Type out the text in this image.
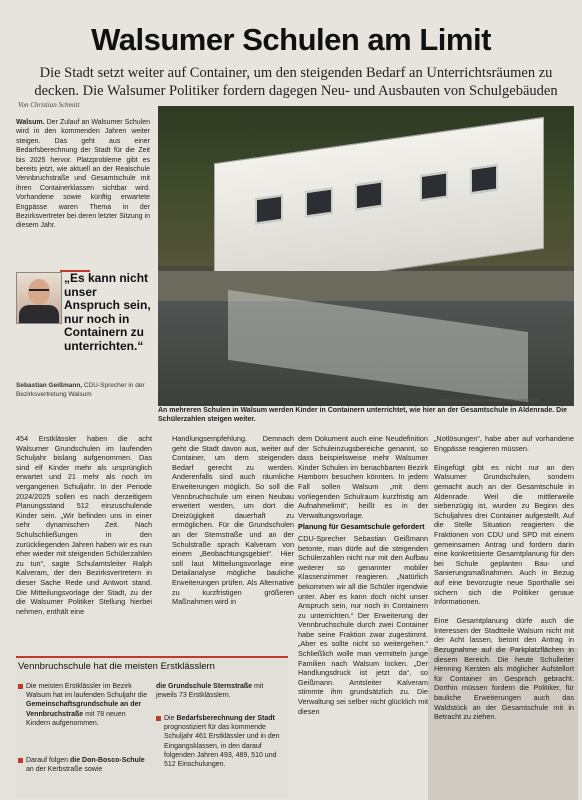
Walsumer Schulen am Limit
Die Stadt setzt weiter auf Container, um den steigenden Bedarf an Unterrichtsräumen zu decken. Die Walsumer Politiker fordern dagegen Neu- und Ausbauten von Schulgebäuden
Von Christian Schmitt
Walsum. Der Zulauf an Walsumer Schulen wird in den kommenden Jahren weiter steigen. Das geht aus einer Bedarfsberechnung der Stadt für die Zeit bis 2025 hervor. Platzprobleme gibt es bereits jetzt, wie aktuell an der Realschule Vennbruchstraße und Gesamtschule mit ihren Containerklassen sichtbar wird. Vorhandene sowie künftig erwartete Engpässe waren Thema in der Bezirksvertreter bei deren letzter Sitzung in diesem Jahr.
„Es kann nicht unser Anspruch sein, nur noch in Containern zu unterrichten.“
Sebastian Geißmann, CDU-Sprecher in der Bezirksvertretung Walsum
FOTO: DANIEL ELKE / FUNKE FOTO SERVICES
An mehreren Schulen in Walsum werden Kinder in Containern unterrichtet, wie hier an der Gesamtschule in Aldenrade. Die Schülerzahlen steigen weiter.
454 Erstklässler haben die acht Walsumer Grundschulen im laufenden Schuljahr bislang aufgenommen. Das sind elf Kinder mehr als ursprünglich erwartet und 21 mehr als noch im vergangenen Schuljahr. In der Periode 2024/2025 sollen es nach derzeitigem Planungsstand 512 einzuschulende Kinder sein. „Wir befinden uns in einer sehr dynamischen Zeit. Nach Schulschließungen in den zurückliegenden Jahren haben wir es nun eher wieder mit steigenden Schülerzahlen zu tun“, sagte Schulamtsleiter Ralph Kalveram, der den Bezirksvertretern in dieser Sache Rede und Antwort stand. Die Mitteilungsvorlage der Stadt, zu der die Walsumer Politiker Stellung hierbei nehmen, enthält eine
Handlungsempfehlung. Demnach geht die Stadt davon aus, weiter auf Container, um dem steigenden Bedarf gerecht zu werden. Anderenfalls sind auch räumliche Erweiterungen möglich. So soll die Vennbruchschule um einen Neubau erweitert werden, um dort die Dreizügigkeit dauerhaft zu ermöglichen. Für die Grundschulen an der Sternstraße und an der Schulstraße sprach Kalveram von einem „Beobachtungsgebiet“. Hier soll laut Mitteilungsvorlage eine Detailanalyse mögliche bauliche Erweiterungen prüfen. Als Alternative zu kurzfristigen größeren Maßnahmen wird in
dem Dokument auch eine Neudefinition der Schuleinzugsbereiche genannt, so dass beispielsweise mehr Walsumer Kinder Schulen im benachbarten Bezirk Hamborn besuchen könnten. In jedem Fall sollen Walsum „mit dem vorliegenden Schulraum kurzfristig am Aufnahmelimit“, heißt es in der Verwaltungsvorlage.
Planung für Gesamtschule gefordert
CDU-Sprecher Sebastian Geißmann betonte, man dürfe auf die steigenden Schülerzahlen nicht nur mit den Aufbau weiterer so genannter mobiler Klassenzimmer reagieren. „Natürlich bekommen wir all die Schüler irgendwie unter. Aber es kann doch nicht unser Anspruch sein, nur noch in Containern zu unterrichten.“ Der Erweiterung der Vennbruchschule durch zwei Container habe seine Fraktion zwar zugestimmt. „Aber es sollte nicht so weitergehen.“ Schließlich wolle man vermitteln junge Familien nach Walsum locken. „Der Handlungsdruck ist jetzt da“, so Geißmann. Amtsleiter Kalveram stimmte ihm grundsätzlich zu. Die Verwaltung sei selber nicht glücklich mit diesen
„Notlösungen“, habe aber auf vorhandene Engpässe reagieren müssen.

Eingefügt gibt es nicht nur an den Walsumer Grundschulen, sondern gemacht auch an der Gesamtschule in Aldenrade. Weil die mittlerweile siebenzügig ist, wurden zu Beginn des Schuljahres drei Container aufgestellt. Auf die Stelle Situation reagierten die Fraktionen von CDU und SPD mit einem gemeinsamen Antrag und fordern darin eine konkretisierte Gesamtplanung für den bei Schule geplanten Bau- und Sanierungsmaßnahmen. Auch in Bezug auf eine bevorzugte neue Sporthalle sei sichern sich die Politiker genaue Informationen.

Eine Gesamtplanung dürfe auch die Interessen der Stadtteile Walsum nicht mit der Acht lassen, betont den Antrag in Bezugnahme auf die Parkplatzflächen in diesem Bereich. Die heute Schulleiter Henning Kersten als möglicher Aufstellort für Container im Gespräch gebracht. Dorthin müssen fordern die Politiker, für bauliche Erweiterungen auch das Waldstück an der Gesamtschule mit in Betracht zu ziehen.
Vennbruchschule hat die meisten Erstklässlern
Die meisten Erstklässler im Bezirk Walsum hat im laufenden Schuljahr die Gemeinschaftsgrundschule an der Vennbruchstraße mit 78 neuen Kindern aufgenommen.
Darauf folgen die Don-Bosco-Schule an der Kerbstraße sowie
die Grundschule Sternstraße mit jeweils 73 Erstklässlern.
Die Bedarfsberechnung der Stadt prognostiziert für das kommende Schuljahr 461 Erstklässler und in den Eingangsklassen, in den darauf folgenden Jahren 493, 489, 510 und 512 Einschulungen.
